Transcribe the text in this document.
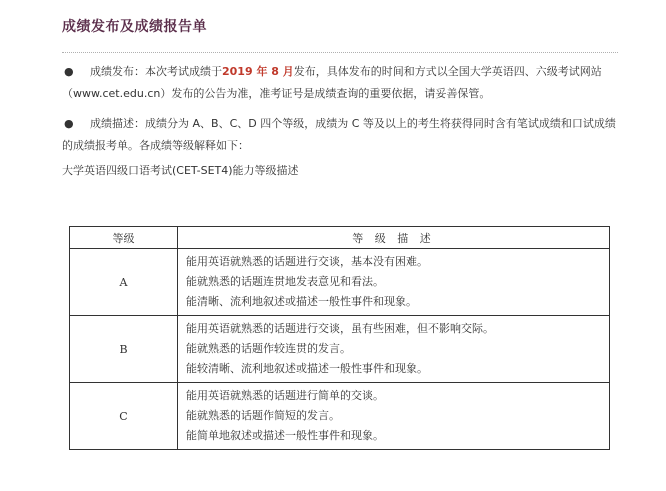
成绩发布及成绩报告单
● 成绩发布：本次考试成绩于2019 年 8 月发布，具体发布的时间和方式以全国大学英语四、六级考试网站（www.cet.edu.cn）发布的公告为准，准考证号是成绩查询的重要依据，请妥善保管。
● 成绩描述：成绩分为 A、B、C、D 四个等级，成绩为 C 等及以上的考生将获得同时含有笔试成绩和口试成绩的成绩报考单。各成绩等级解释如下：
大学英语四级口语考试(CET-SET4)能力等级描述
等级	等 级 描 述
A	能用英语就熟悉的话题进行交谈，基本没有困难。
能就熟悉的话题连贯地发表意见和看法。
能清晰、流利地叙述或描述一般性事件和现象。

B	能用英语就熟悉的话题进行交谈，虽有些困难，但不影响交际。
能就熟悉的话题作较连贯的发言。
能较清晰、流利地叙述或描述一般性事件和现象。

C	能用英语就熟悉的话题进行简单的交谈。
能就熟悉的话题作简短的发言。
能简单地叙述或描述一般性事件和现象。
